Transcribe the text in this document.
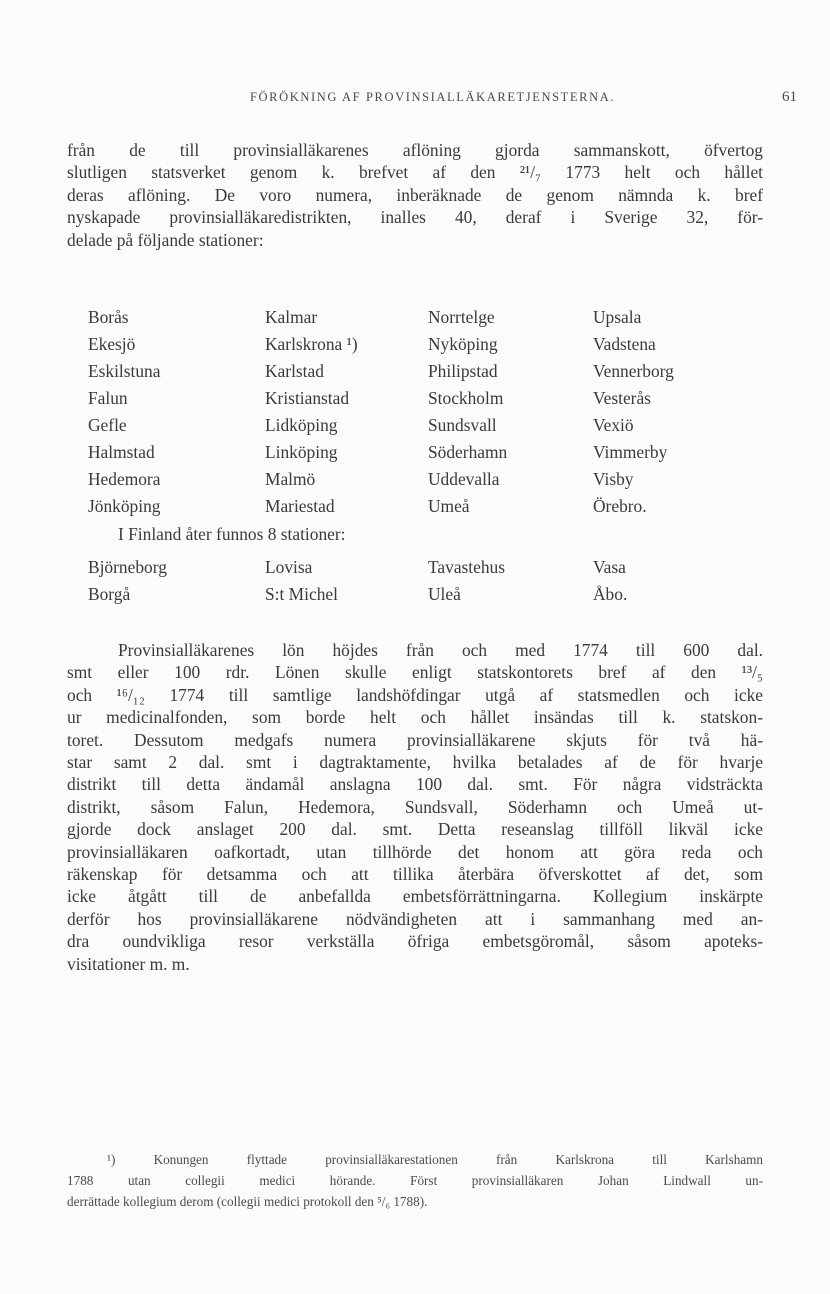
FÖRÖKNING AF PROVINSIALLÄKARETJENSTERNA.	61
från de till provinsialläkarenes aflöning gjorda sammanskott, öfvertog
slutligen statsverket genom k. brefvet af den ²¹/₇ 1773 helt och hållet
deras aflöning. De voro numera, inberäknade de genom nämnda k. bref
nyskapade provinsialläkaredistrikten, inalles 40, deraf i Sverige 32, för-
delade på följande stationer:
Borås	Kalmar	Norrtelge	Upsala
Ekesjö	Karlskrona ¹)	Nyköping	Vadstena
Eskilstuna	Karlstad	Philipstad	Vennerborg
Falun	Kristianstad	Stockholm	Vesterås
Gefle	Lidköping	Sundsvall	Vexiö
Halmstad	Linköping	Söderhamn	Vimmerby
Hedemora	Malmö	Uddevalla	Visby
Jönköping	Mariestad	Umeå	Örebro.
I Finland åter funnos 8 stationer:
Björneborg	Lovisa	Tavastehus	Vasa
Borgå	S:t Michel	Uleå	Åbo.
Provinsialläkarenes lön höjdes från och med 1774 till 600 dal.
smt eller 100 rdr. Lönen skulle enligt statskontorets bref af den ¹³/₅
och ¹⁶/₁₂ 1774 till samtlige landshöfdingar utgå af statsmedlen och icke
ur medicinalfonden, som borde helt och hållet insändas till k. statskon-
toret. Dessutom medgafs numera provinsialläkarene skjuts för två hä-
star samt 2 dal. smt i dagtraktamente, hvilka betalades af de för hvarje
distrikt till detta ändamål anslagna 100 dal. smt. För några vidsträckta
distrikt, såsom Falun, Hedemora, Sundsvall, Söderhamn och Umeå ut-
gjorde dock anslaget 200 dal. smt. Detta reseanslag tillföll likväl icke
provinsialläkaren oafkortadt, utan tillhörde det honom att göra reda och
räkenskap för detsamma och att tillika återbära öfverskottet af det, som
icke åtgått till de anbefallda embetsförrättningarna. Kollegium inskärpte
derför hos provinsialläkarene nödvändigheten att i sammanhang med an-
dra oundvikliga resor verkställa öfriga embetsgöromål, såsom apoteks-
visitationer m. m.
¹) Konungen flyttade provinsialläkarestationen från Karlskrona till Karlshamn
1788 utan collegii medici hörande. Först provinsialläkaren Johan Lindwall un-
derrättade kollegium derom (collegii medici protokoll den ⁵/₆ 1788).
